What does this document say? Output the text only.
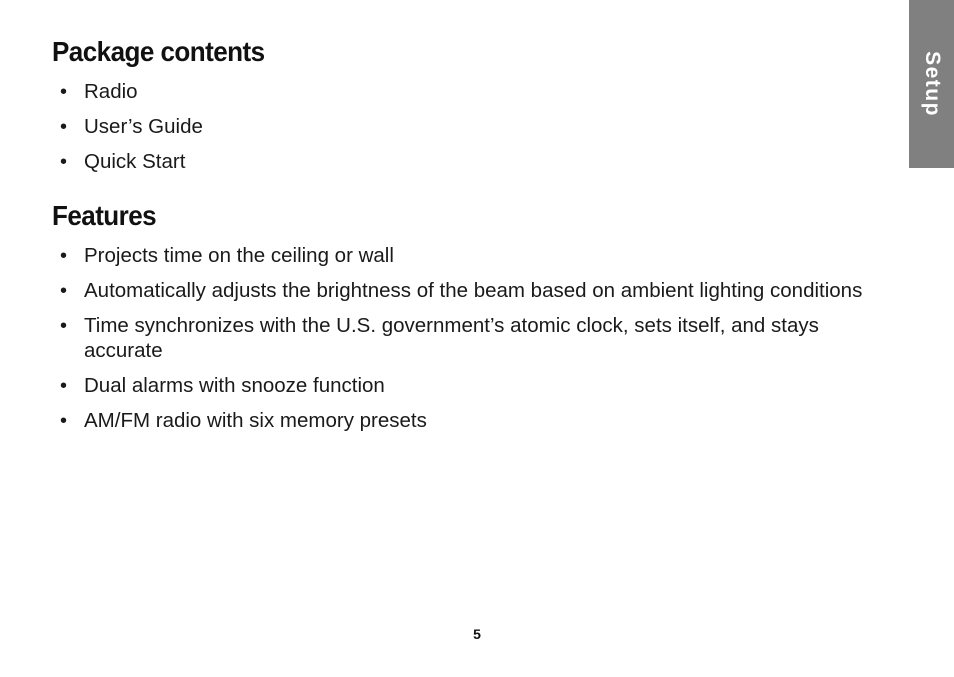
Package contents
• Radio
• User’s Guide
• Quick Start
Features
• Projects time on the ceiling or wall
• Automatically adjusts the brightness of the beam based on ambient lighting conditions
• Time synchronizes with the U.S. government’s atomic clock, sets itself, and stays accurate
• Dual alarms with snooze function
• AM/FM radio with six memory presets
Setup
5
